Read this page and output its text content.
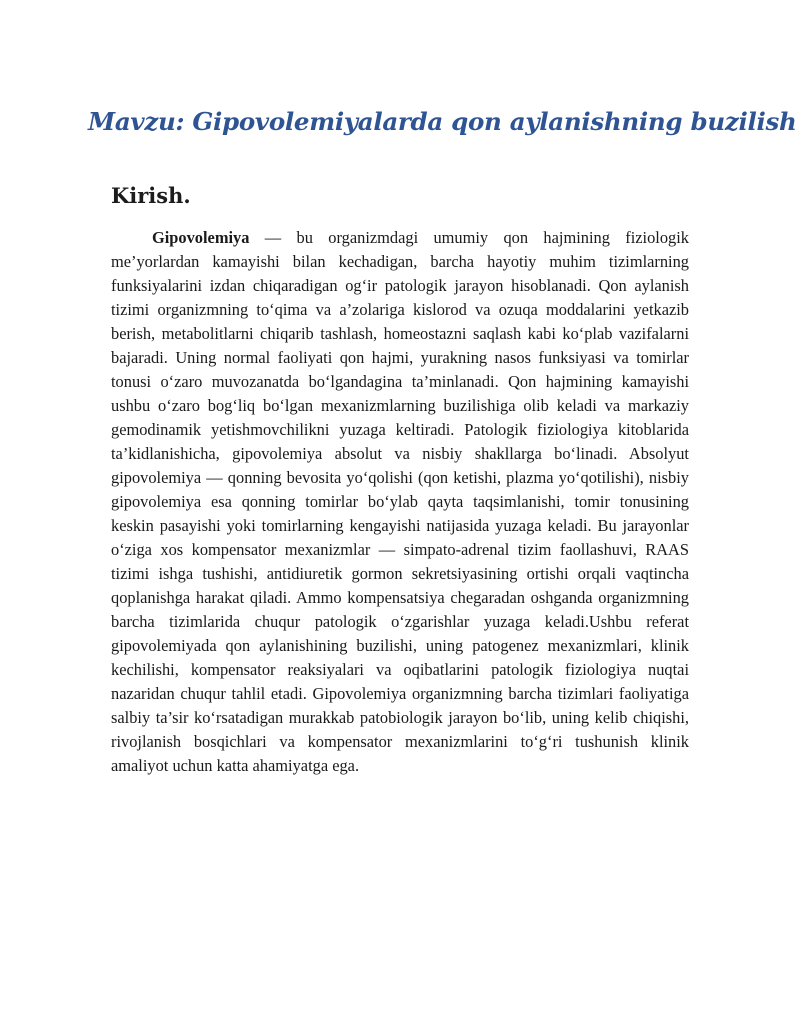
Mavzu: Gipovolemiyalarda qon aylanishning buzilish
Kirish.

Gipovolemiya — bu organizmdagi umumiy qon hajmining fiziologik me’yorlardan kamayishi bilan kechadigan, barcha hayotiy muhim tizimlarning funksiyalarini izdan chiqaradigan og‘ir patologik jarayon hisoblanadi. Qon aylanish tizimi organizmning to‘qima va a’zolariga kislorod va ozuqa moddalarini yetkazib berish, metabolitlarni chiqarib tashlash, homeostazni saqlash kabi ko‘plab vazifalarni bajaradi. Uning normal faoliyati qon hajmi, yurakning nasos funksiyasi va tomirlar tonusi o‘zaro muvozanatda bo‘lgandagina ta’minlanadi. Qon hajmining kamayishi ushbu o‘zaro bog‘liq bo‘lgan mexanizmlarning buzilishiga olib keladi va markaziy gemodinamik yetishmovchilikni yuzaga keltiradi. Patologik fiziologiya kitoblarida ta’kidlanishicha, gipovolemiya absolut va nisbiy shakllarga bo‘linadi. Absolyut gipovolemiya — qonning bevosita yo‘qolishi (qon ketishi, plazma yo‘qotilishi), nisbiy gipovolemiya esa qonning tomirlar bo‘ylab qayta taqsimlanishi, tomir tonusining keskin pasayishi yoki tomirlarning kengayishi natijasida yuzaga keladi. Bu jarayonlar o‘ziga xos kompensator mexanizmlar — simpato-adrenal tizim faollashuvi, RAAS tizimi ishga tushishi, antidiuretik gormon sekretsiyasining ortishi orqali vaqtincha qoplanishga harakat qiladi. Ammo kompensatsiya chegaradan oshganda organizmning barcha tizimlarida chuqur patologik o‘zgarishlar yuzaga keladi.Ushbu referat gipovolemiyada qon aylanishining buzilishi, uning patogenez mexanizmlari, klinik kechilishi, kompensator reaksiyalari va oqibatlarini patologik fiziologiya nuqtai nazaridan chuqur tahlil etadi. Gipovolemiya organizmning barcha tizimlari faoliyatiga salbiy ta’sir ko‘rsatadigan murakkab patobiologik jarayon bo‘lib, uning kelib chiqishi, rivojlanish bosqichlari va kompensator mexanizmlarini to‘g‘ri tushunish klinik amaliyot uchun katta ahamiyatga ega.
